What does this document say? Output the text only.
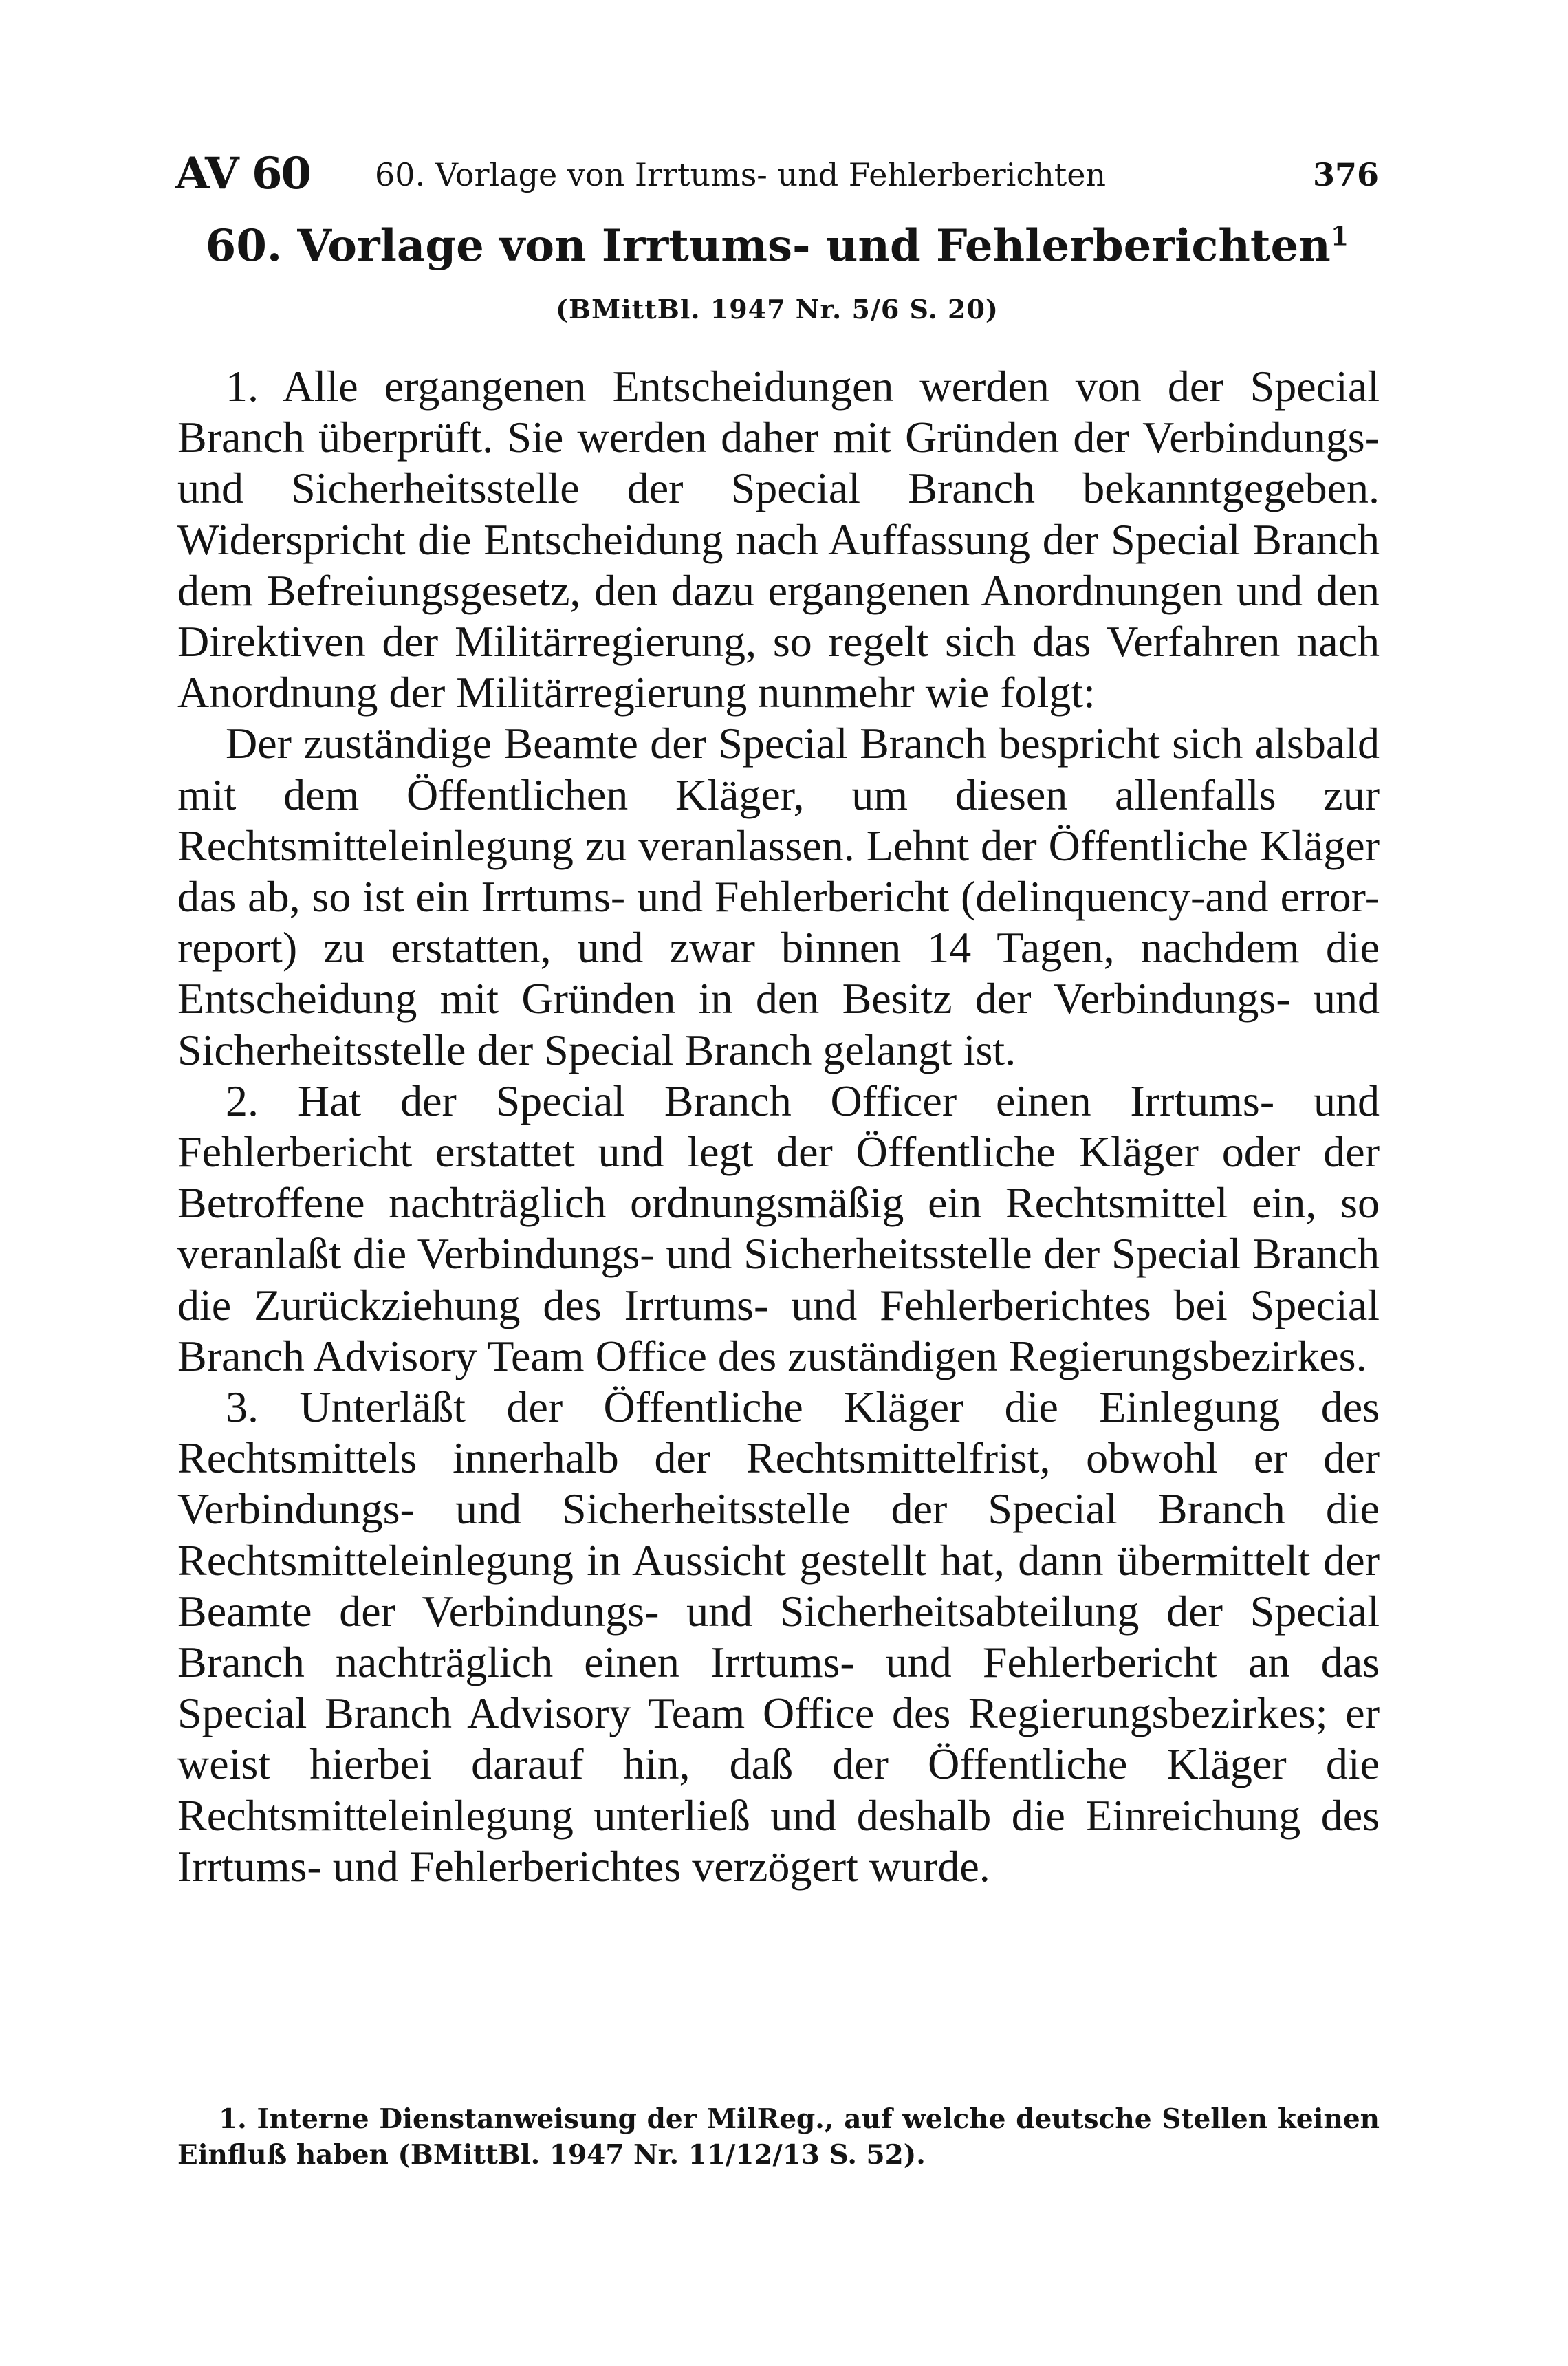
AV 60 60. Vorlage von Irrtums- und Fehlerberichten	376
60. Vorlage von Irrtums- und Fehlerberichten$^1$
(BMittBl. 1947 Nr. 5/6 S. 20)

1. Alle ergangenen Entscheidungen werden von der Special Branch überprüft. Sie werden daher mit Gründen der Verbindungs- und Sicherheitsstelle der Special Branch bekanntgegeben. Widerspricht die Entscheidung nach Auffassung der Special Branch dem Befreiungsgesetz, den dazu ergangenen Anordnungen und den Direktiven der Militärregierung, so regelt sich das Verfahren nach Anordnung der Militärregierung nunmehr wie folgt:

Der zuständige Beamte der Special Branch bespricht sich alsbald mit dem Öffentlichen Kläger, um diesen allenfalls zur Rechtsmitteleinlegung zu veranlassen. Lehnt der Öffentliche Kläger das ab, so ist ein Irrtums- und Fehlerbericht (delinquency-and error-report) zu erstatten, und zwar binnen 14 Tagen, nachdem die Entscheidung mit Gründen in den Besitz der Verbindungs- und Sicherheitsstelle der Special Branch gelangt ist.

2. Hat der Special Branch Officer einen Irrtums- und Fehlerbericht erstattet und legt der Öffentliche Kläger oder der Betroffene nachträglich ordnungsmäßig ein Rechtsmittel ein, so veranlaßt die Verbindungs- und Sicherheitsstelle der Special Branch die Zurückziehung des Irrtums- und Fehlerberichtes bei Special Branch Advisory Team Office des zuständigen Regierungsbezirkes.

3. Unterläßt der Öffentliche Kläger die Einlegung des Rechtsmittels innerhalb der Rechtsmittelfrist, obwohl er der Verbindungs- und Sicherheitsstelle der Special Branch die Rechtsmitteleinlegung in Aussicht gestellt hat, dann übermittelt der Beamte der Verbindungs- und Sicherheitsabteilung der Special Branch nachträglich einen Irrtums- und Fehlerbericht an das Special Branch Advisory Team Office des Regierungsbezirkes; er weist hierbei darauf hin, daß der Öffentliche Kläger die Rechtsmitteleinlegung unterließ und deshalb die Einreichung des Irrtums- und Fehlerberichtes verzögert wurde.

1. Interne Dienstanweisung der MilReg., auf welche deutsche Stellen keinen Einfluß haben (BMittBl. 1947 Nr. 11/12/13 S. 52).
